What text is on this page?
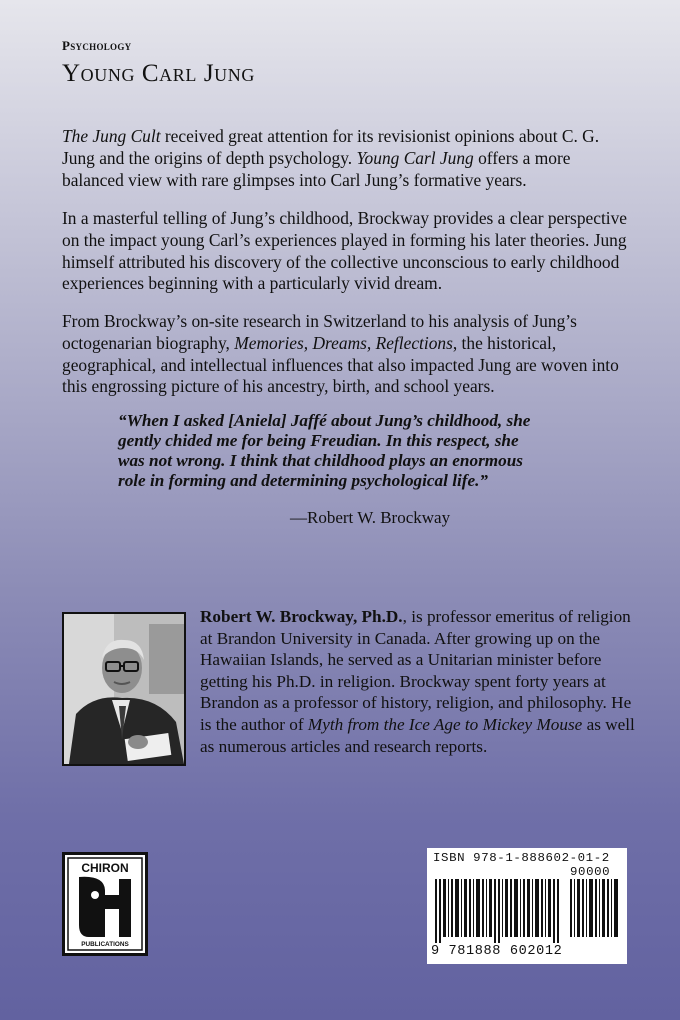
Psychology
Young Carl Jung

The Jung Cult received great attention for its revisionist opinions about C. G. Jung and the origins of depth psychology. Young Carl Jung offers a more balanced view with rare glimpses into Carl Jung’s formative years.

In a masterful telling of Jung’s childhood, Brockway provides a clear perspective on the impact young Carl’s experiences played in forming his later theories. Jung himself attributed his discovery of the collective unconscious to early childhood experiences beginning with a particularly vivid dream.

From Brockway’s on-site research in Switzerland to his analysis of Jung’s octogenarian biography, Memories, Dreams, Reflections, the historical, geographical, and intellectual influences that also impacted Jung are woven into this engrossing picture of his ancestry, birth, and school years.

“When I asked [Aniela] Jaffé about Jung’s childhood, she gently chided me for being Freudian. In this respect, she was not wrong. I think that childhood plays an enormous role in forming and determining psychological life.”
—Robert W. Brockway

Robert W. Brockway, Ph.D., is professor emeritus of religion at Brandon University in Canada. After growing up on the Hawaiian Islands, he served as a Unitarian minister before getting his Ph.D. in religion. Brockway spent forty years at Brandon as a professor of history, religion, and philosophy. He is the author of Myth from the Ice Age to Mickey Mouse as well as numerous articles and research reports.

CHIRON
PUBLICATIONS
ISBN 978-1-888602-01-2
90000
9 781888 602012
